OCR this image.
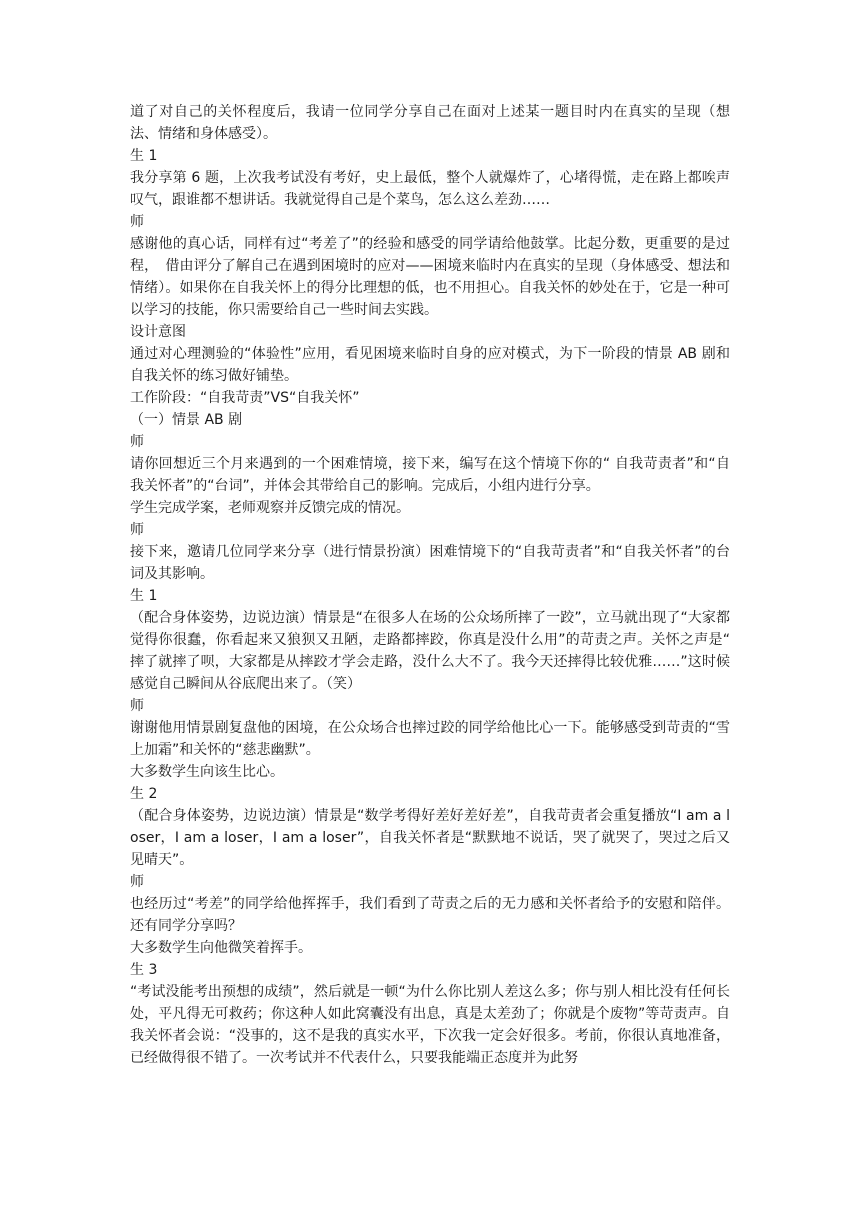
道了对自己的关怀程度后，我请一位同学分享自己在面对上述某一题目时内在真实的呈现（想法、情绪和身体感受）。

生 1

我分享第 6 题，上次我考试没有考好，史上最低，整个人就爆炸了，心堵得慌，走在路上都唉声叹气，跟谁都不想讲话。我就觉得自己是个菜鸟，怎么这么差劲……

师

感谢他的真心话，同样有过“考差了”的经验和感受的同学请给他鼓掌。比起分数，更重要的是过程，　借由评分了解自己在遇到困境时的应对——困境来临时内在真实的呈现（身体感受、想法和情绪）。如果你在自我关怀上的得分比理想的低，也不用担心。自我关怀的妙处在于，它是一种可以学习的技能，你只需要给自己一些时间去实践。

设计意图

通过对心理测验的“体验性”应用，看见困境来临时自身的应对模式，为下一阶段的情景 AB 剧和自我关怀的练习做好铺垫。

工作阶段：“自我苛责”VS“自我关怀”

（一）情景 AB 剧

师

请你回想近三个月来遇到的一个困难情境，接下来，编写在这个情境下你的“ 自我苛责者”和“自我关怀者”的“台词”，并体会其带给自己的影响。完成后，小组内进行分享。

学生完成学案，老师观察并反馈完成的情况。

师

接下来，邀请几位同学来分享（进行情景扮演）困难情境下的“自我苛责者”和“自我关怀者”的台词及其影响。

生 1

（配合身体姿势，边说边演）情景是“在很多人在场的公众场所摔了一跤”，立马就出现了“大家都觉得你很蠢，你看起来又狼狈又丑陋，走路都摔跤，你真是没什么用”的苛责之声。关怀之声是“ 摔了就摔了呗，大家都是从摔跤才学会走路，没什么大不了。我今天还摔得比较优雅……”这时候感觉自己瞬间从谷底爬出来了。（笑）

师

谢谢他用情景剧复盘他的困境，在公众场合也摔过跤的同学给他比心一下。能够感受到苛责的“雪上加霜”和关怀的“慈悲幽默”。

大多数学生向该生比心。

生 2

（配合身体姿势，边说边演）情景是“数学考得好差好差好差”，自我苛责者会重复播放“I am a loser，I am a loser，I am a loser”，自我关怀者是“默默地不说话，哭了就哭了，哭过之后又见晴天”。

师

也经历过“考差”的同学给他挥挥手，我们看到了苛责之后的无力感和关怀者给予的安慰和陪伴。还有同学分享吗？

大多数学生向他微笑着挥手。

生 3

“考试没能考出预想的成绩”，然后就是一顿“为什么你比别人差这么多；你与别人相比没有任何长处，平凡得无可救药；你这种人如此窝囊没有出息，真是太差劲了；你就是个废物”等苛责声。自我关怀者会说：“没事的，这不是我的真实水平，下次我一定会好很多。考前，你很认真地准备，已经做得很不错了。一次考试并不代表什么，只要我能端正态度并为此努
